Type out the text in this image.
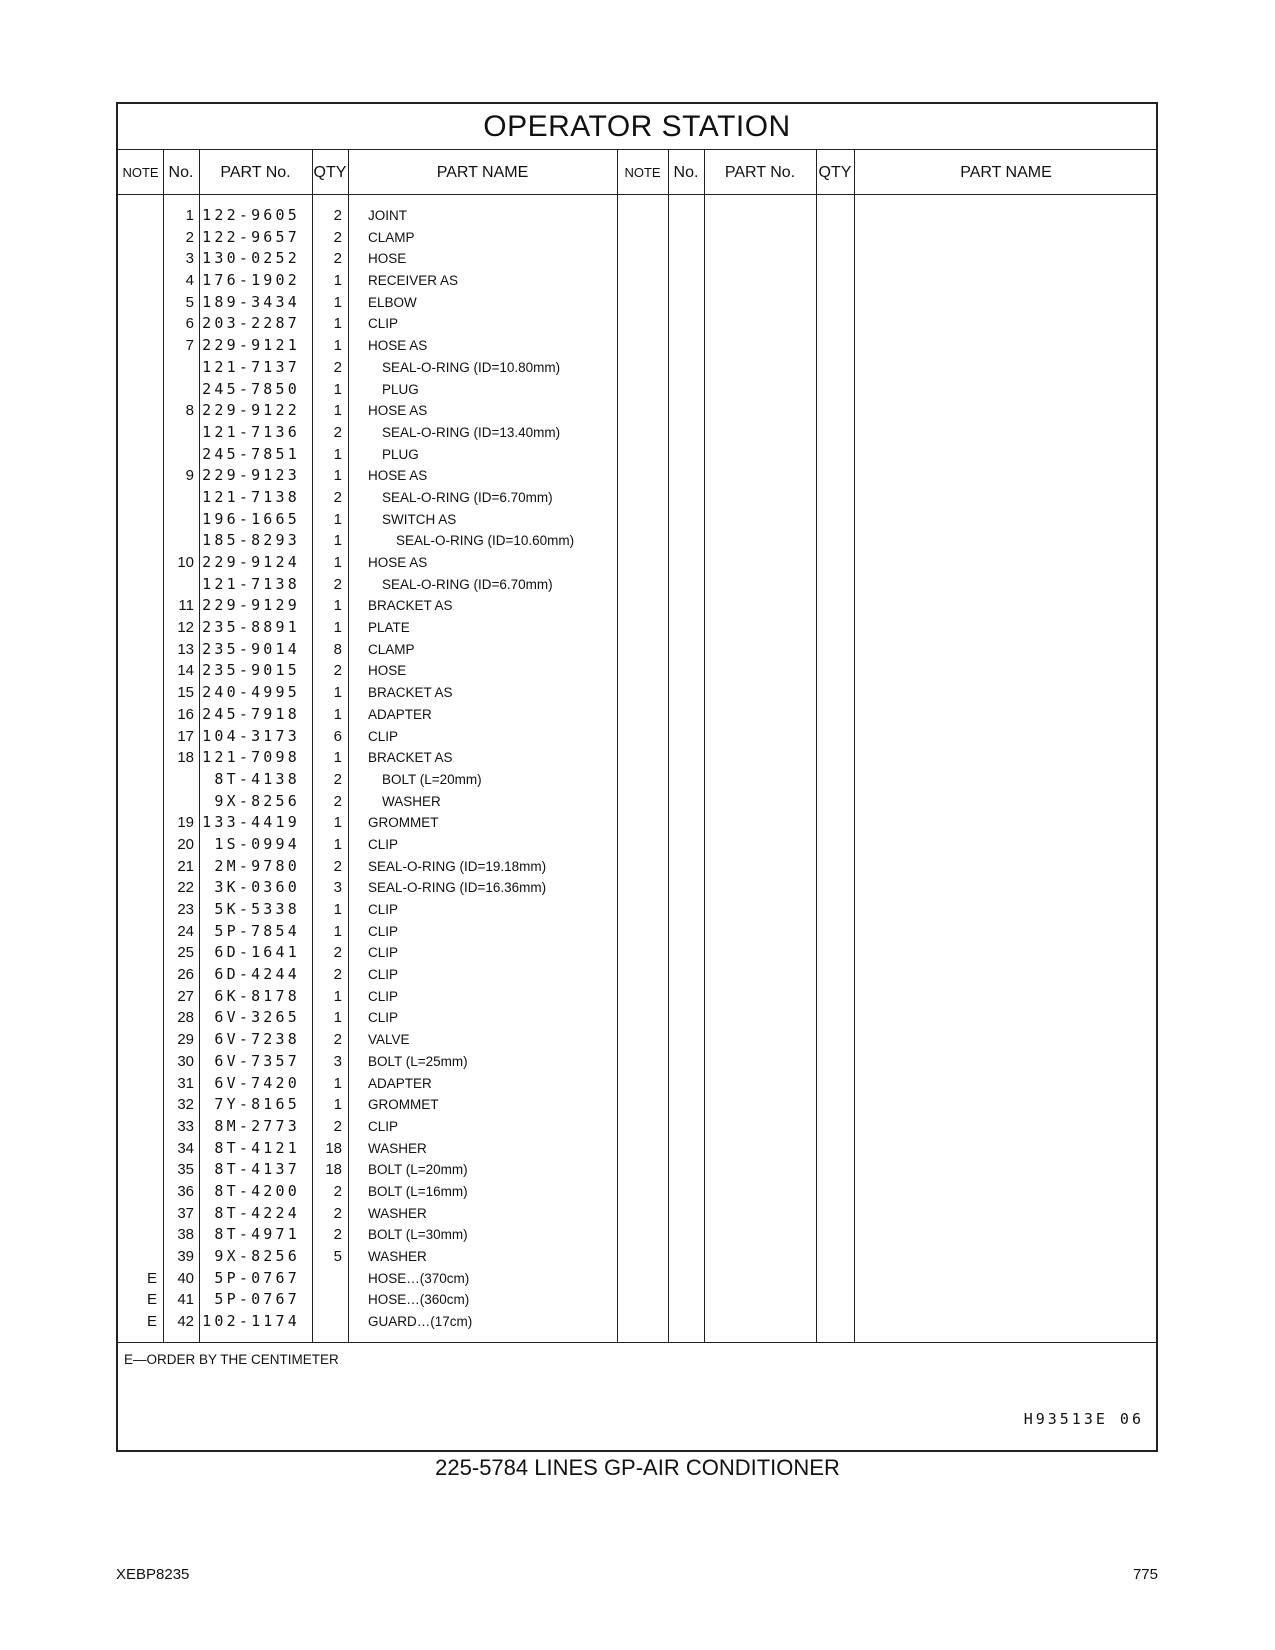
OPERATOR STATION
NOTE No.	PART No.	QTY	PART NAME	NOTE No.	PART No.	QTY	PART NAME
1 122-9605	2 JOINT
2 122-9657	2 CLAMP
3 130-0252	2 HOSE
4 176-1902	1 RECEIVER AS
5 189-3434	1 ELBOW
6 203-2287	1 CLIP
7 229-9121	1 HOSE AS
121-7137	2	SEAL-O-RING (ID=10.80mm)
245-7850	1	PLUG
8 229-9122	1 HOSE AS
121-7136	2	SEAL-O-RING (ID=13.40mm)
245-7851	1	PLUG
9 229-9123	1 HOSE AS
121-7138	2	SEAL-O-RING (ID=6.70mm)
196-1665	1	SWITCH AS
185-8293	1	SEAL-O-RING (ID=10.60mm)
10 229-9124	1 HOSE AS
121-7138	2	SEAL-O-RING (ID=6.70mm)
11 229-9129	1 BRACKET AS
12 235-8891	1 PLATE
13 235-9014	8 CLAMP
14 235-9015	2 HOSE
15 240-4995	1 BRACKET AS
16 245-7918	1 ADAPTER
17 104-3173	6 CLIP
18 121-7098	1 BRACKET AS
8T-4138	2	BOLT (L=20mm)
9X-8256	2	WASHER
19 133-4419	1 GROMMET
20	1S-0994	1 CLIP
21	2M-9780	2 SEAL-O-RING (ID=19.18mm)
22	3K-0360	3 SEAL-O-RING (ID=16.36mm)
23	5K-5338	1 CLIP
24	5P-7854	1 CLIP
25	6D-1641	2 CLIP
26	6D-4244	2 CLIP
27	6K-8178	1 CLIP
28	6V-3265	1 CLIP
29	6V-7238	2 VALVE
30	6V-7357	3 BOLT (L=25mm)
31	6V-7420	1 ADAPTER
32	7Y-8165	1 GROMMET
33	8M-2773	2 CLIP
34	8T-4121	18 WASHER
35	8T-4137	18 BOLT (L=20mm)
36	8T-4200	2 BOLT (L=16mm)
37	8T-4224	2 WASHER
38	8T-4971	2 BOLT (L=30mm)
39	9X-8256	5 WASHER
E	40	5P-0767	HOSE…(370cm)
E	41	5P-0767	HOSE…(360cm)
E	42 102-1174	GUARD…(17cm)
E—ORDER BY THE CENTIMETER
H93513E 06
225-5784 LINES GP-AIR CONDITIONER
XEBP8235	775
